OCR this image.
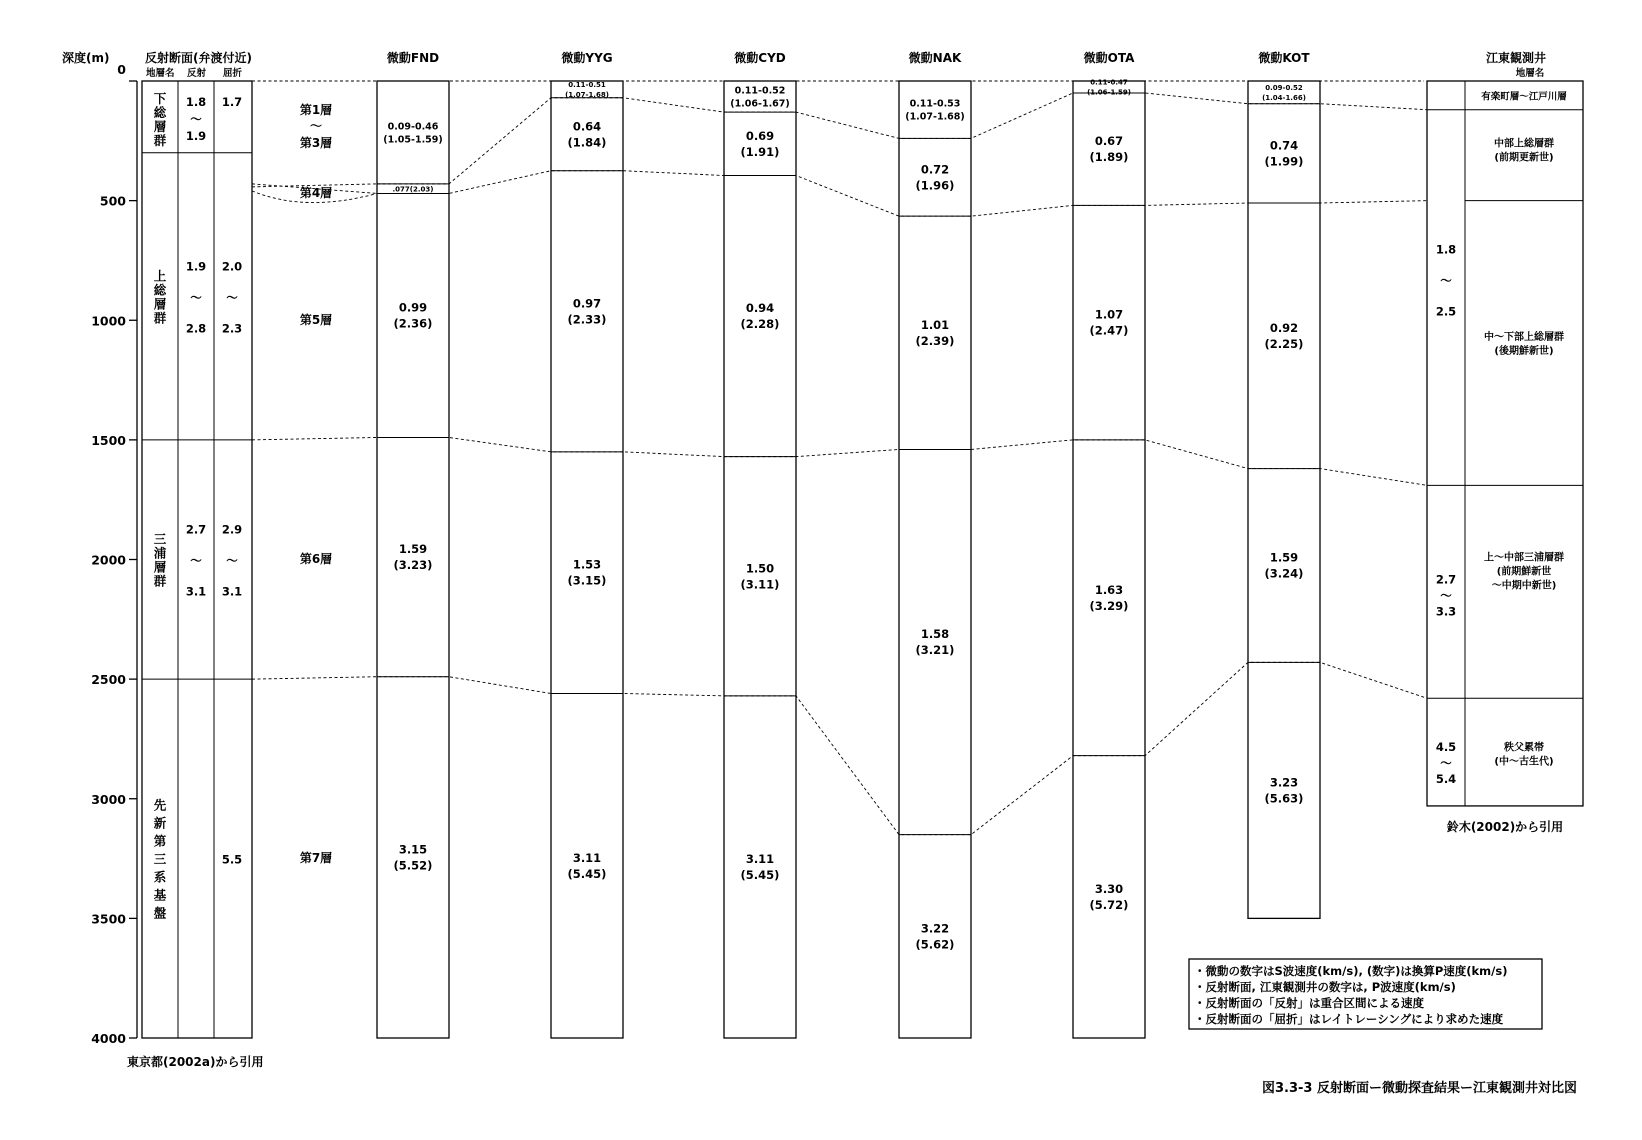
深度(m)	反射断面(弁渡付近)
地層名 反射 屈折
0
500
1000
1500
2000
2500
3000
3500
4000
下
総
層
群
1.8
〜
1.9
1.7
上
総
層
群
1.9
〜
2.8
2.0
〜
2.3
三
浦
層
群
2.7
〜
3.1
2.9
〜
3.1
先
新
第
三
系
基
盤
5.5
東京都(2002a)から引用
第1層
〜
第3層
第4層
第5層
第6層
第7層
微動FND
0.09-0.46
(1.05-1.59)
.077(2.03)
0.99
(2.36)
1.59
(3.23)
3.15
(5.52)
微動YYG
0.11-0.51
(1.07-1.68)
0.64
(1.84)
0.97
(2.33)
1.53
(3.15)
3.11
(5.45)
微動CYD
0.11-0.52
(1.06-1.67)
0.69
(1.91)
0.94
(2.28)
1.50
(3.11)
3.11
(5.45)
微動NAK
0.11-0.53
(1.07-1.68)
0.72
(1.96)
1.01
(2.39)
1.58
(3.21)
3.22
(5.62)
微動OTA
0.11-0.47
(1.06-1.59)
0.67
(1.89)
1.07
(2.47)
1.63
(3.29)
3.30
(5.72)
微動KOT
0.09-0.52
(1.04-1.66)
0.74
(1.99)
0.92
(2.25)
1.59
(3.24)
3.23
(5.63)
江東観測井
地層名
有楽町層〜江戸川層
中部上総層群
(前期更新世)
中〜下部上総層群
(後期鮮新世)
上〜中部三浦層群
(前期鮮新世
〜中期中新世)
2.7
〜
3.3
秩父累帯
(中〜古生代)
4.5
〜
5.4
1.8
〜
2.5
鈴木(2002)から引用
・微動の数字はS波速度(km/s), (数字)は換算P速度(km/s)
・反射断面, 江東観測井の数字は, P波速度(km/s)
・反射断面の「反射」は重合区間による速度
・反射断面の「屈折」はレイトレーシングにより求めた速度
図3.3-3 反射断面ー微動探査結果ー江東観測井対比図
